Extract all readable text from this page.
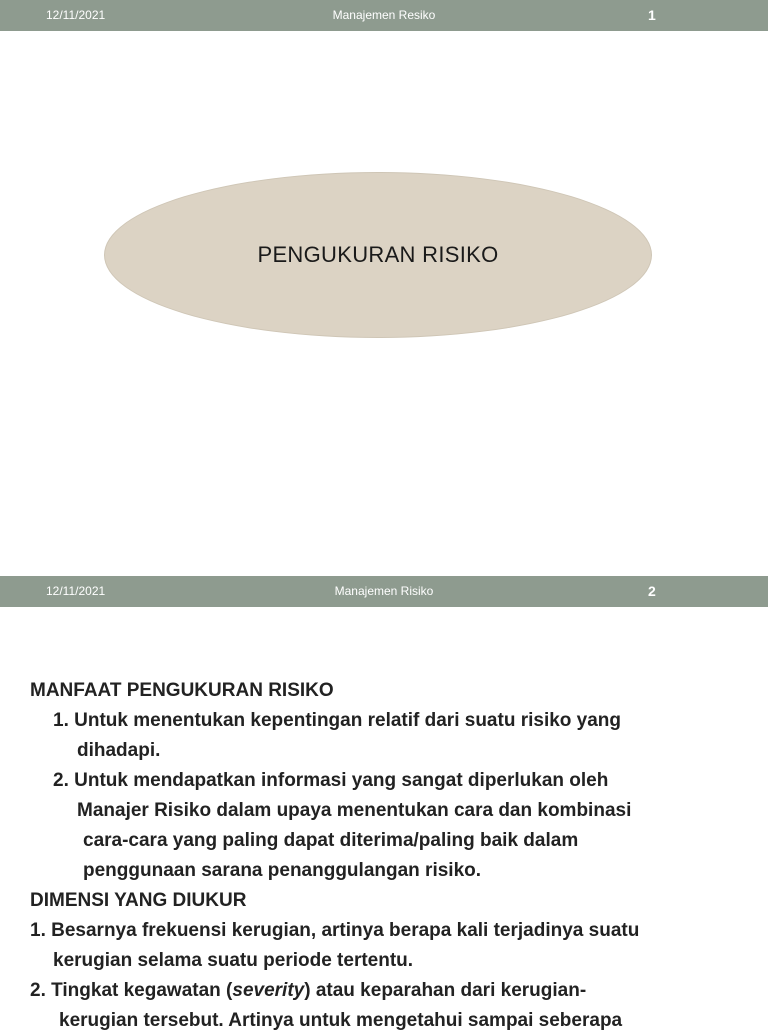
12/11/2021	Manajemen Resiko	1
PENGUKURAN RISIKO
12/11/2021	Manajemen Risiko	2

MANFAAT PENGUKURAN RISIKO

1. Untuk menentukan kepentingan relatif dari suatu risiko yang

dihadapi.

2. Untuk mendapatkan informasi yang sangat diperlukan oleh

Manajer Risiko dalam upaya menentukan cara dan kombinasi

cara-cara yang paling dapat diterima/paling baik dalam

penggunaan sarana penanggulangan risiko.

DIMENSI YANG DIUKUR

1. Besarnya frekuensi kerugian, artinya berapa kali terjadinya suatu

kerugian selama suatu periode tertentu.

2. Tingkat kegawatan (severity) atau keparahan dari kerugian-

kerugian tersebut. Artinya untuk mengetahui sampai seberapa
